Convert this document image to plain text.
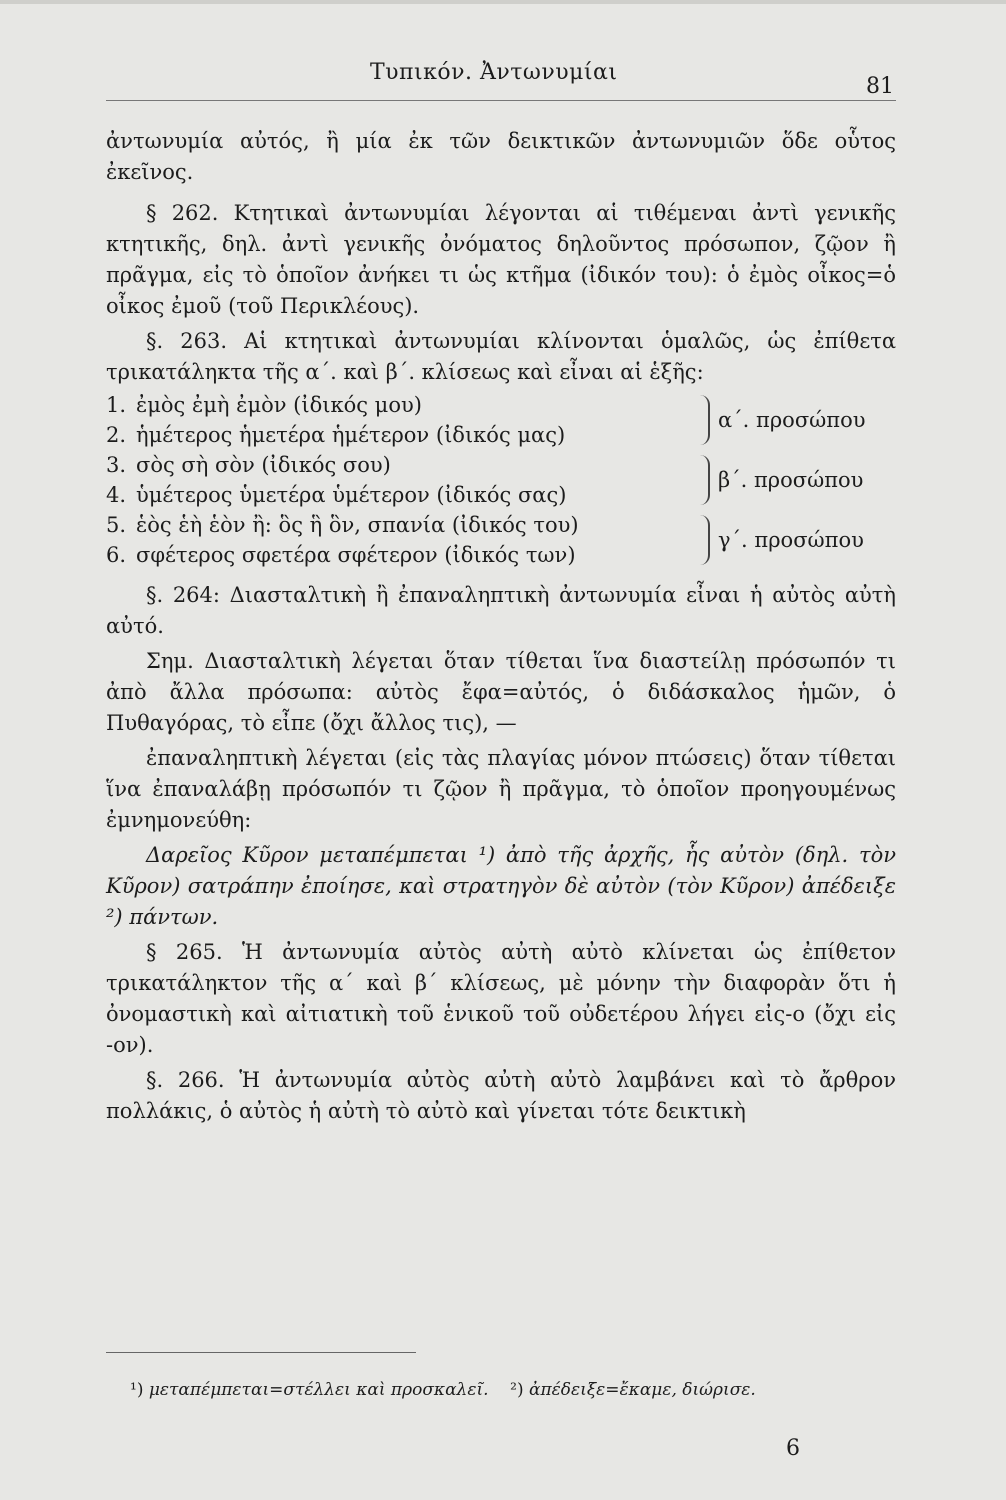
Τυπικόν. Ἀντωνυμίαι
81

ἀντωνυμία αὐτός, ἢ μία ἐκ τῶν δεικτικῶν ἀντωνυμιῶν ὅδε οὗτος ἐκεῖνος.

§ 262. Κτητικαὶ ἀντωνυμίαι λέγονται αἱ τιθέμεναι ἀντὶ γενικῆς κτητικῆς, δηλ. ἀντὶ γενικῆς ὀνόματος δηλοῦντος πρόσωπον, ζῷον ἢ πρᾶγμα, εἰς τὸ ὁποῖον ἀνήκει τι ὡς κτῆμα (ἰδικόν του): ὁ ἐμὸς οἶκος=ὁ οἶκος ἐμοῦ (τοῦ Περικλέους).

§. 263. Αἱ κτητικαὶ ἀντωνυμίαι κλίνονται ὁμαλῶς, ὡς ἐπίθετα τρικατάληκτα τῆς α΄. καὶ β΄. κλίσεως καὶ εἶναι αἱ ἑξῆς:

1. ἐμὸς ἐμὴ ἐμὸν (ἰδικός μου)
2. ἡμέτερος ἡμετέρα ἡμέτερον (ἰδικός μας)
α΄. προσώπου
3. σὸς σὴ σὸν (ἰδικός σου)
4. ὑμέτερος ὑμετέρα ὑμέτερον (ἰδικός σας)
β΄. προσώπου
5. ἑὸς ἑὴ ἑὸν ἢ: ὃς ἣ ὃν, σπανία (ἰδικός του)
6. σφέτερος σφετέρα σφέτερον (ἰδικός των)
γ΄. προσώπου

§. 264: Διασταλτικὴ ἢ ἐπαναληπτικὴ ἀντωνυμία εἶναι ἡ αὐτὸς αὐτὴ αὐτό.

Σημ. Διασταλτικὴ λέγεται ὅταν τίθεται ἵνα διαστείλῃ πρόσωπόν τι ἀπὸ ἄλλα πρόσωπα: αὐτὸς ἔφα=αὐτός, ὁ διδάσκαλος ἡμῶν, ὁ Πυθαγόρας, τὸ εἶπε (ὄχι ἄλλος τις), —

ἐπαναληπτικὴ λέγεται (εἰς τὰς πλαγίας μόνον πτώσεις) ὅταν τίθεται ἵνα ἐπαναλάβῃ πρόσωπόν τι ζῷον ἢ πρᾶγμα, τὸ ὁποῖον προηγουμένως ἐμνημονεύθη:

Δαρεῖος Κῦρον μεταπέμπεται ¹) ἀπὸ τῆς ἀρχῆς, ἧς αὐτὸν (δηλ. τὸν Κῦρον) σατράπην ἐποίησε, καὶ στρατηγὸν δὲ αὐτὸν (τὸν Κῦρον) ἀπέδειξε ²) πάντων.

§ 265. Ἡ ἀντωνυμία αὐτὸς αὐτὴ αὐτὸ κλίνεται ὡς ἐπίθετον τρικατάληκτον τῆς α΄ καὶ β΄ κλίσεως, μὲ μόνην τὴν διαφορὰν ὅτι ἡ ὀνομαστικὴ καὶ αἰτιατικὴ τοῦ ἑνικοῦ τοῦ οὐδετέρου λήγει εἰς-ο (ὄχι εἰς -ον).

§. 266. Ἡ ἀντωνυμία αὐτὸς αὐτὴ αὐτὸ λαμβάνει καὶ τὸ ἄρθρον πολλάκις, ὁ αὐτὸς ἡ αὐτὴ τὸ αὐτὸ καὶ γίνεται τότε δεικτικὴ

¹) μεταπέμπεται=στέλλει καὶ προσκαλεῖ. ²) ἀπέδειξε=ἔκαμε, διώρισε.
6
